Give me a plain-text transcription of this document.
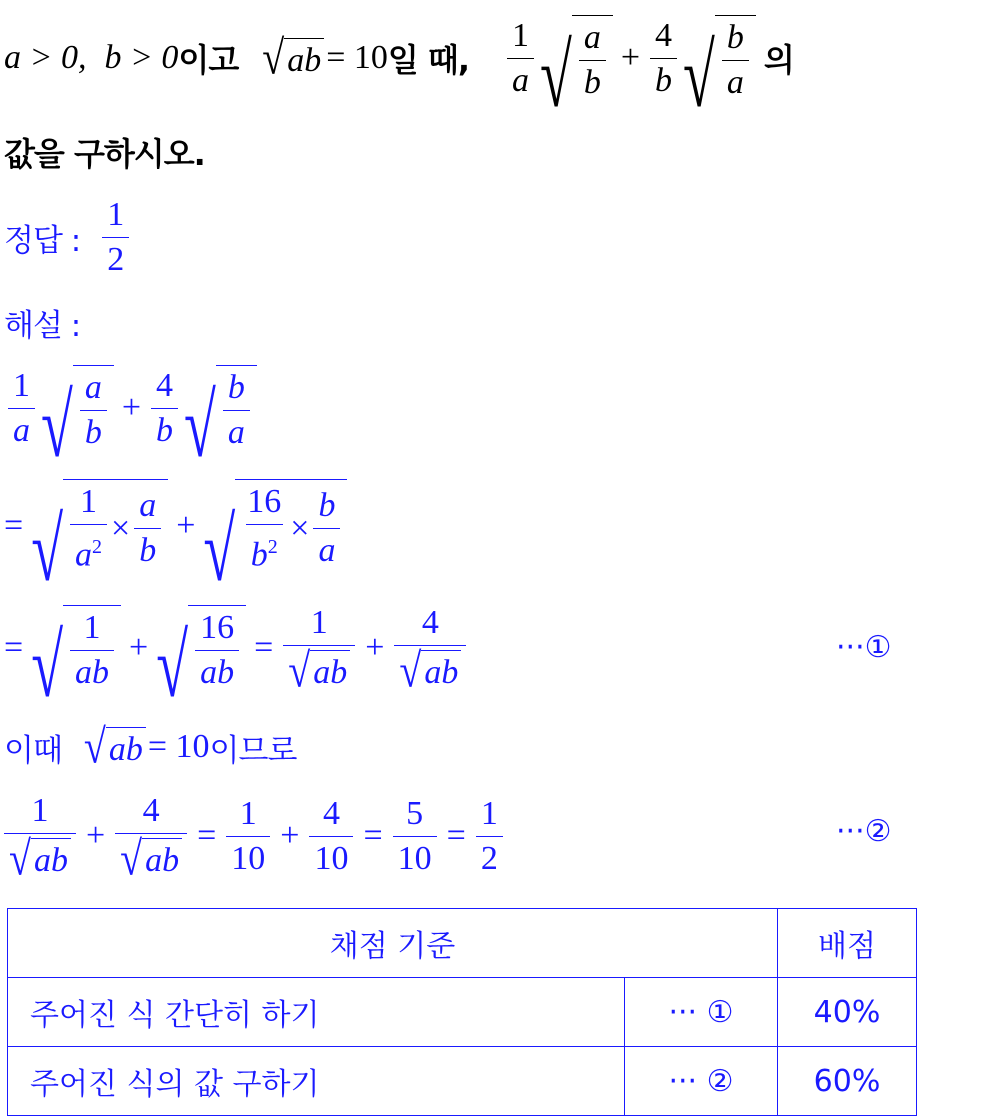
a > 0, b > 0 이고 √ ab = 10 일 때, $\frac{1}{a}$ √ $\frac{a}{b} + \frac{4}{b}$ √ $\frac{b}{a}$ 의
값을 구하시오.
정답 : $\frac{1}{2}$
해설 :
$\frac{1}{a}$ √ $\frac{a}{b} + \frac{4}{b}$ √ $\frac{b}{a}$
= √ $\frac{1}{a^2} \times \frac{a}{b}$ + √ $\frac{16}{b^2} \times \frac{b}{a}$
= √ $\frac{1}{ab}$ + √ $\frac{16}{ab} = \frac{1}{√ ab} + \frac{4}{√ ab}$	···①
이때 √ ab = 10 이므로
$\frac{1}{√ ab} + \frac{4}{√ ab} = \frac{1}{10} + \frac{4}{10} = \frac{5}{10} = \frac{1}{2}$	···②
채점 기준		배점
주어진 식 간단히 하기	··· ①	40%
주어진 식의 값 구하기	··· ②	60%
